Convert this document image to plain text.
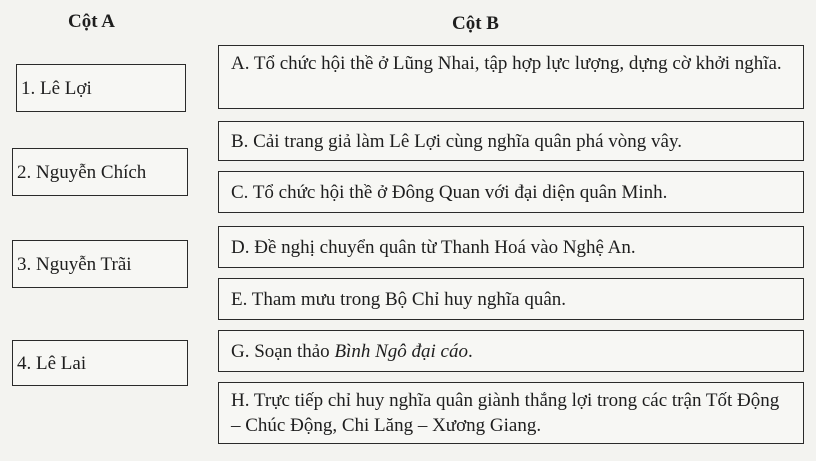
Cột A	Cột B
1. Lê Lợi
2. Nguyễn Chích
3. Nguyễn Trãi
4. Lê Lai
A. Tổ chức hội thề ở Lũng Nhai, tập hợp lực lượng, dựng cờ khởi nghĩa.
B. Cải trang giả làm Lê Lợi cùng nghĩa quân phá vòng vây.
C. Tổ chức hội thề ở Đông Quan với đại diện quân Minh.
D. Đề nghị chuyển quân từ Thanh Hoá vào Nghệ An.
E. Tham mưu trong Bộ Chỉ huy nghĩa quân.
G. Soạn thảo Bình Ngô đại cáo.
H. Trực tiếp chỉ huy nghĩa quân giành thắng lợi trong các trận Tốt Động – Chúc Động, Chi Lăng – Xương Giang.
